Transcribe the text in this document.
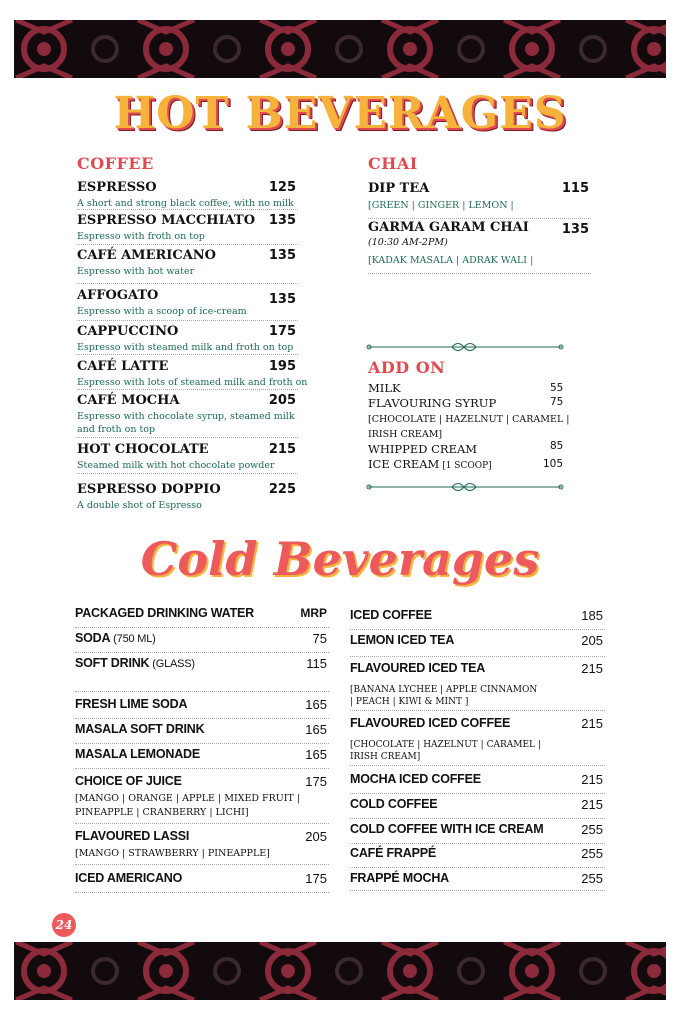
HOT BEVERAGES
Cold Beverages
COFFEE
ESPRESSO	125
A short and strong black coffee, with no milk
ESPRESSO MACCHIATO 135
Espresso with froth on top
CAFÉ AMERICANO	135
Espresso with hot water
AFFOGATO	135
Espresso with a scoop of ice-cream
CAPPUCCINO	175
Espresso with steamed milk and froth on top
CAFÉ LATTE	195
Espresso with lots of steamed milk and froth on
CAFÉ MOCHA	205
Espresso with chocolate syrup, steamed milk
and froth on top
HOT CHOCOLATE	215
Steamed milk with hot chocolate powder
ESPRESSO DOPPIO	225
A double shot of Espresso
CHAI
DIP TEA	115
[GREEN | GINGER | LEMON |
GARMA GARAM CHAI	135
(10:30 AM-2PM)
[KADAK MASALA | ADRAK WALI |
ADD ON
MILK	55
FLAVOURING SYRUP	75
WHIPPED CREAM	85
ICE CREAM [1 SCOOP]	105
[CHOCOLATE | HAZELNUT | CARAMEL |
IRISH CREAM]
PACKAGED DRINKING WATER	MRP
SODA (750 ML)	75
SOFT DRINK (GLASS)	115
FRESH LIME SODA	165
MASALA SOFT DRINK	165
MASALA LEMONADE	165
CHOICE OF JUICE	175
[MANGO | ORANGE | APPLE | MIXED FRUIT |
PINEAPPLE | CRANBERRY | LICHI]
FLAVOURED LASSI	205
[MANGO | STRAWBERRY | PINEAPPLE]
ICED AMERICANO	175
ICED COFFEE	185
LEMON ICED TEA	205
FLAVOURED ICED TEA	215
[BANANA LYCHEE | APPLE CINNAMON
| PEACH | KIWI & MINT ]
FLAVOURED ICED COFFEE	215
[CHOCOLATE | HAZELNUT | CARAMEL |
IRISH CREAM]
MOCHA ICED COFFEE	215
COLD COFFEE	215
COLD COFFEE WITH ICE CREAM	255
CAFÉ FRAPPÉ	255
FRAPPÉ MOCHA	255
24
